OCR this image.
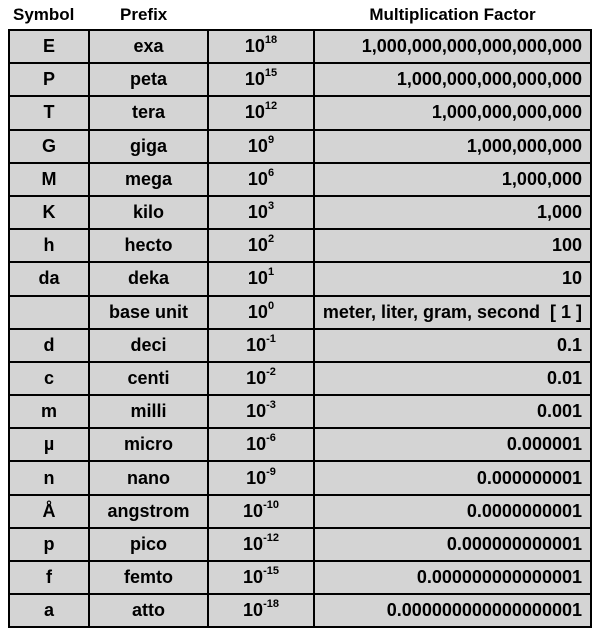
Symbol	Prefix		Multiplication Factor
E	exa	$10^{18}$	1,000,000,000,000,000,000
P	peta	$10^{15}$	1,000,000,000,000,000
T	tera	$10^{12}$	1,000,000,000,000
G	giga	$10^9$	1,000,000,000
M	mega	$10^6$	1,000,000
K	kilo	$10^3$	1,000
h	hecto	$10^2$	100
da	deka	$10^1$	10
	base unit	$10^0$	meter, liter, gram, second  [ 1 ]
d	deci	$10^{-1}$	0.1
c	centi	$10^{-2}$	0.01
m	milli	$10^{-3}$	0.001
µ	micro	$10^{-6}$	0.000001
n	nano	$10^{-9}$	0.000000001
Å	angstrom	$10^{-10}$	0.0000000001
p	pico	$10^{-12}$	0.000000000001
f	femto	$10^{-15}$	0.000000000000001
a	atto	$10^{-18}$	0.000000000000000001
